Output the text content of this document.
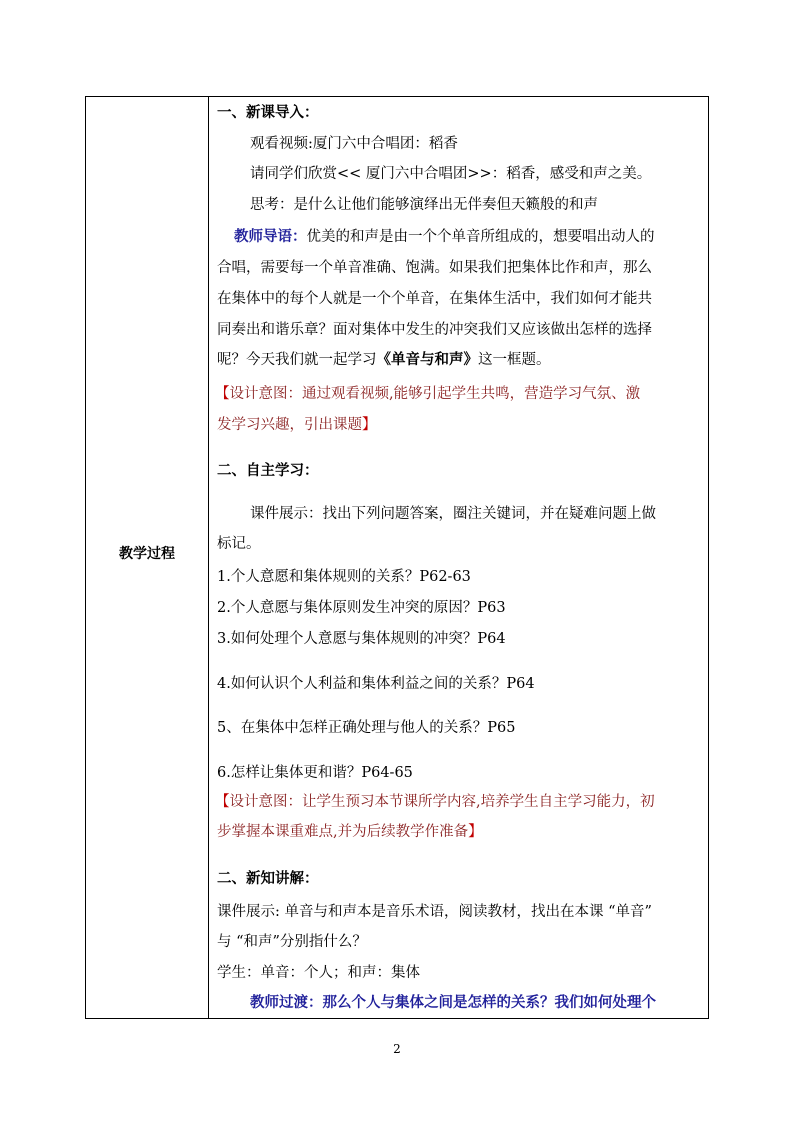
教学过程
一、新课导入：
观看视频:厦门六中合唱团：稻香
请同学们欣赏<< 厦门六中合唱团>>：稻香，感受和声之美。
思考：是什么让他们能够演绎出无伴奏但天籁般的和声
教师导语：优美的和声是由一个个单音所组成的，想要唱出动人的
合唱，需要每一个单音准确、饱满。如果我们把集体比作和声，那么
在集体中的每个人就是一个个单音，在集体生活中，我们如何才能共
同奏出和谐乐章？面对集体中发生的冲突我们又应该做出怎样的选择
呢？今天我们就一起学习《单音与和声》这一框题。
【设计意图：通过观看视频,能够引起学生共鸣，营造学习气氛、激
发学习兴趣，引出课题】
二、自主学习：
课件展示：找出下列问题答案，圈注关键词，并在疑难问题上做
标记。
1.个人意愿和集体规则的关系？P62-63
2.个人意愿与集体原则发生冲突的原因？P63
3.如何处理个人意愿与集体规则的冲突？P64
4.如何认识个人利益和集体利益之间的关系？P64
5、在集体中怎样正确处理与他人的关系？P65
6.怎样让集体更和谐？P64-65
【设计意图：让学生预习本节课所学内容,培养学生自主学习能力，初
步掌握本课重难点,并为后续教学作准备】
二、新知讲解：
课件展示: 单音与和声本是音乐术语，阅读教材，找出在本课 “单音”
与 “和声”分别指什么？
学生：单音：个人；和声：集体
教师过渡：那么个人与集体之间是怎样的关系？我们如何处理个
2
